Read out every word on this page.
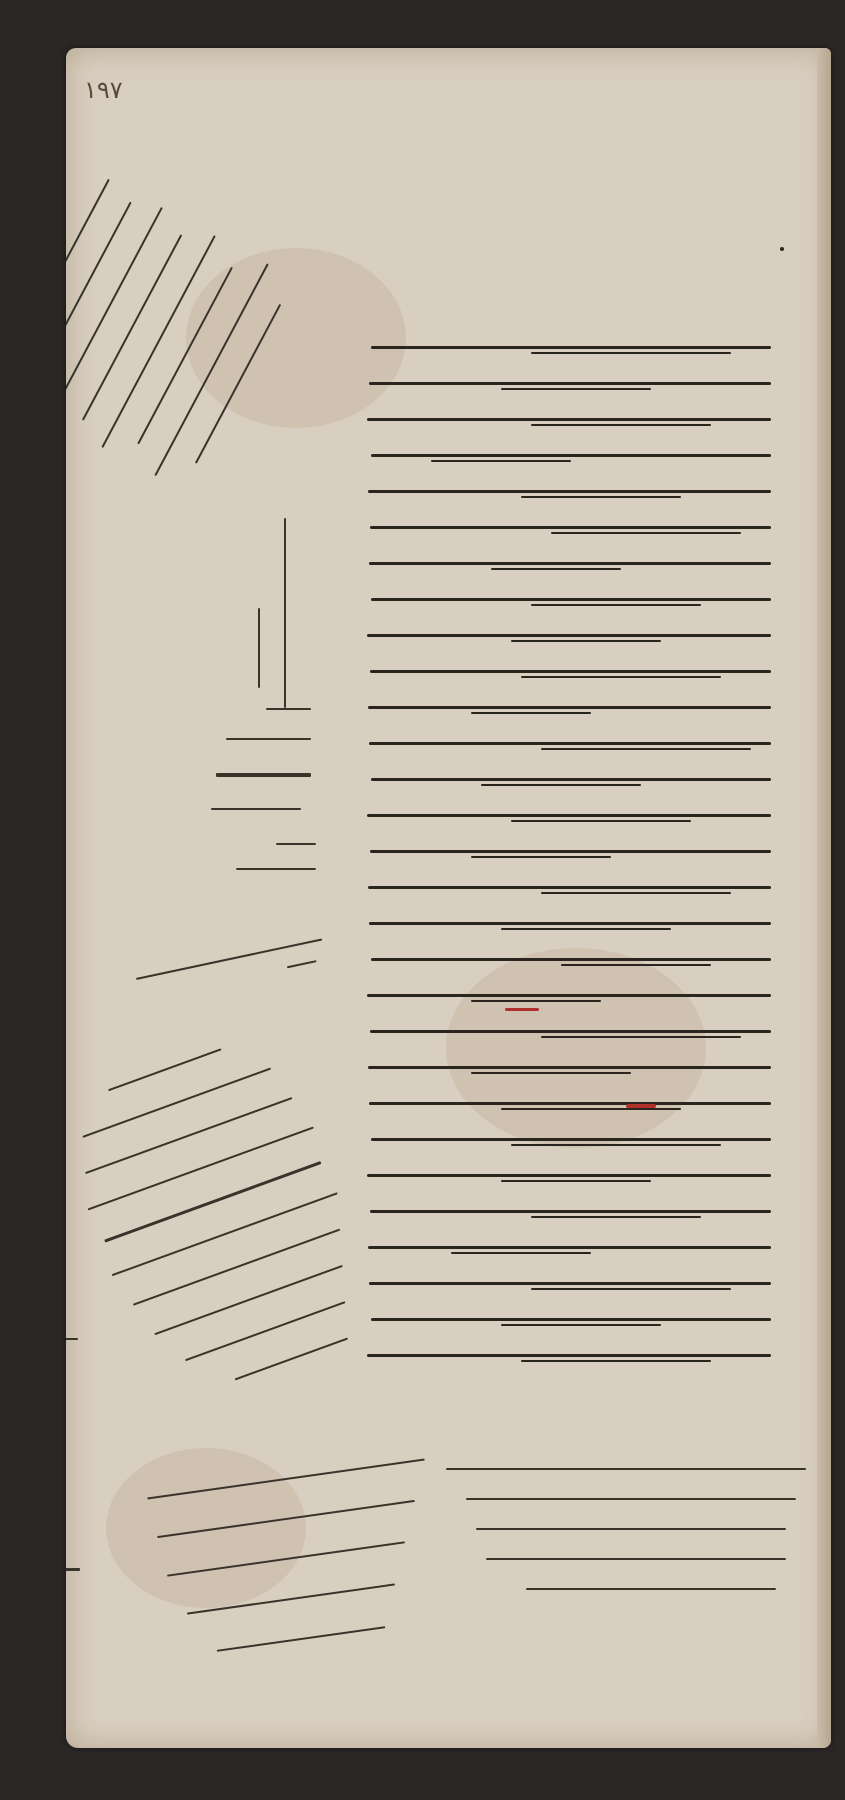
١٩٧
